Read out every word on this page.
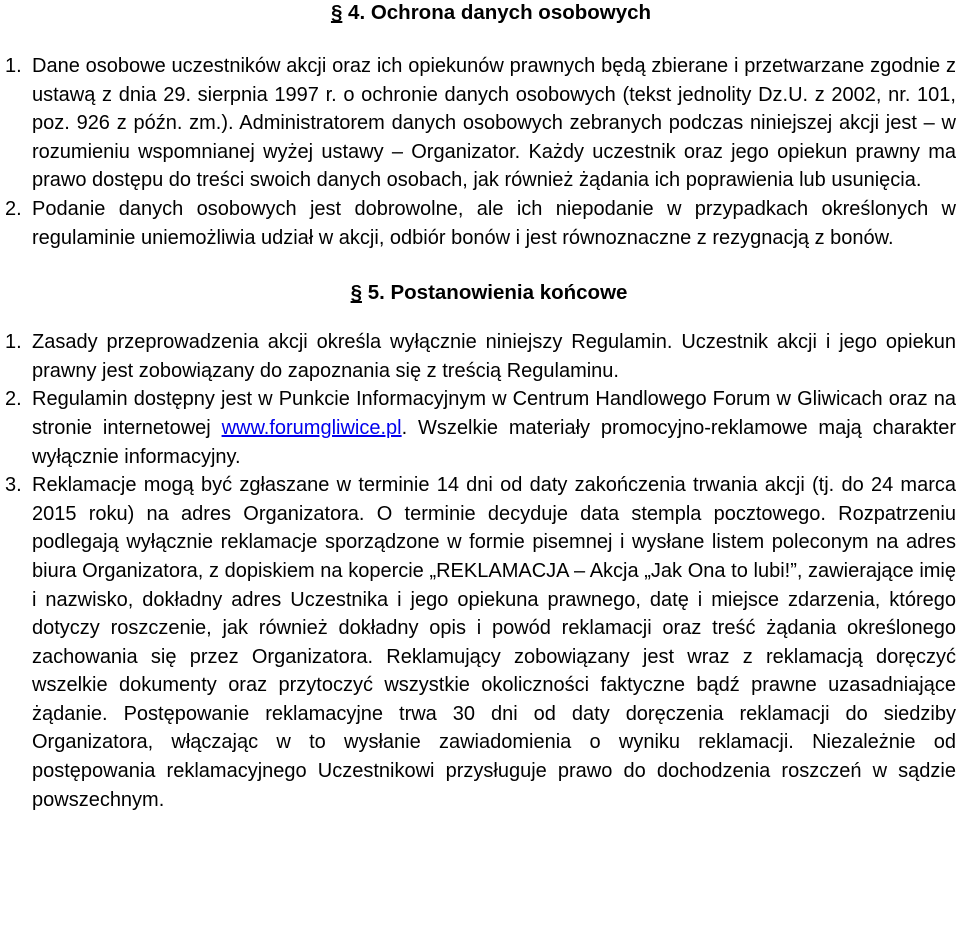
§ 4. Ochrona danych osobowych

1. Dane osobowe uczestników akcji oraz ich opiekunów prawnych będą zbierane i przetwarzane zgodnie z ustawą z dnia 29. sierpnia 1997 r. o ochronie danych osobowych (tekst jednolity Dz.U. z 2002, nr. 101, poz. 926 z późn. zm.). Administratorem danych osobowych zebranych podczas niniejszej akcji jest – w rozumieniu wspomnianej wyżej ustawy – Organizator. Każdy uczestnik oraz jego opiekun prawny ma prawo dostępu do treści swoich danych osobach, jak również żądania ich poprawienia lub usunięcia.

2. Podanie danych osobowych jest dobrowolne, ale ich niepodanie w przypadkach określonych w regulaminie uniemożliwia udział w akcji, odbiór bonów i jest równoznaczne z rezygnacją z bonów.

§ 5. Postanowienia końcowe

1. Zasady przeprowadzenia akcji określa wyłącznie niniejszy Regulamin. Uczestnik akcji i jego opiekun prawny jest zobowiązany do zapoznania się z treścią Regulaminu.

2. Regulamin dostępny jest w Punkcie Informacyjnym w Centrum Handlowego Forum w Gliwicach oraz na stronie internetowej www.forumgliwice.pl. Wszelkie materiały promocyjno-reklamowe mają charakter wyłącznie informacyjny.

3. Reklamacje mogą być zgłaszane w terminie 14 dni od daty zakończenia trwania akcji (tj. do 24 marca 2015 roku) na adres Organizatora. O terminie decyduje data stempla pocztowego. Rozpatrzeniu podlegają wyłącznie reklamacje sporządzone w formie pisemnej i wysłane listem poleconym na adres biura Organizatora, z dopiskiem na kopercie „REKLAMACJA – Akcja „Jak Ona to lubi!”, zawierające imię i nazwisko, dokładny adres Uczestnika i jego opiekuna prawnego, datę i miejsce zdarzenia, którego dotyczy roszczenie, jak również dokładny opis i powód reklamacji oraz treść żądania określonego zachowania się przez Organizatora. Reklamujący zobowiązany jest wraz z reklamacją doręczyć wszelkie dokumenty oraz przytoczyć wszystkie okoliczności faktyczne bądź prawne uzasadniające żądanie. Postępowanie reklamacyjne trwa 30 dni od daty doręczenia reklamacji do siedziby Organizatora, włączając w to wysłanie zawiadomienia o wyniku reklamacji. Niezależnie od postępowania reklamacyjnego Uczestnikowi przysługuje prawo do dochodzenia roszczeń w sądzie powszechnym.
